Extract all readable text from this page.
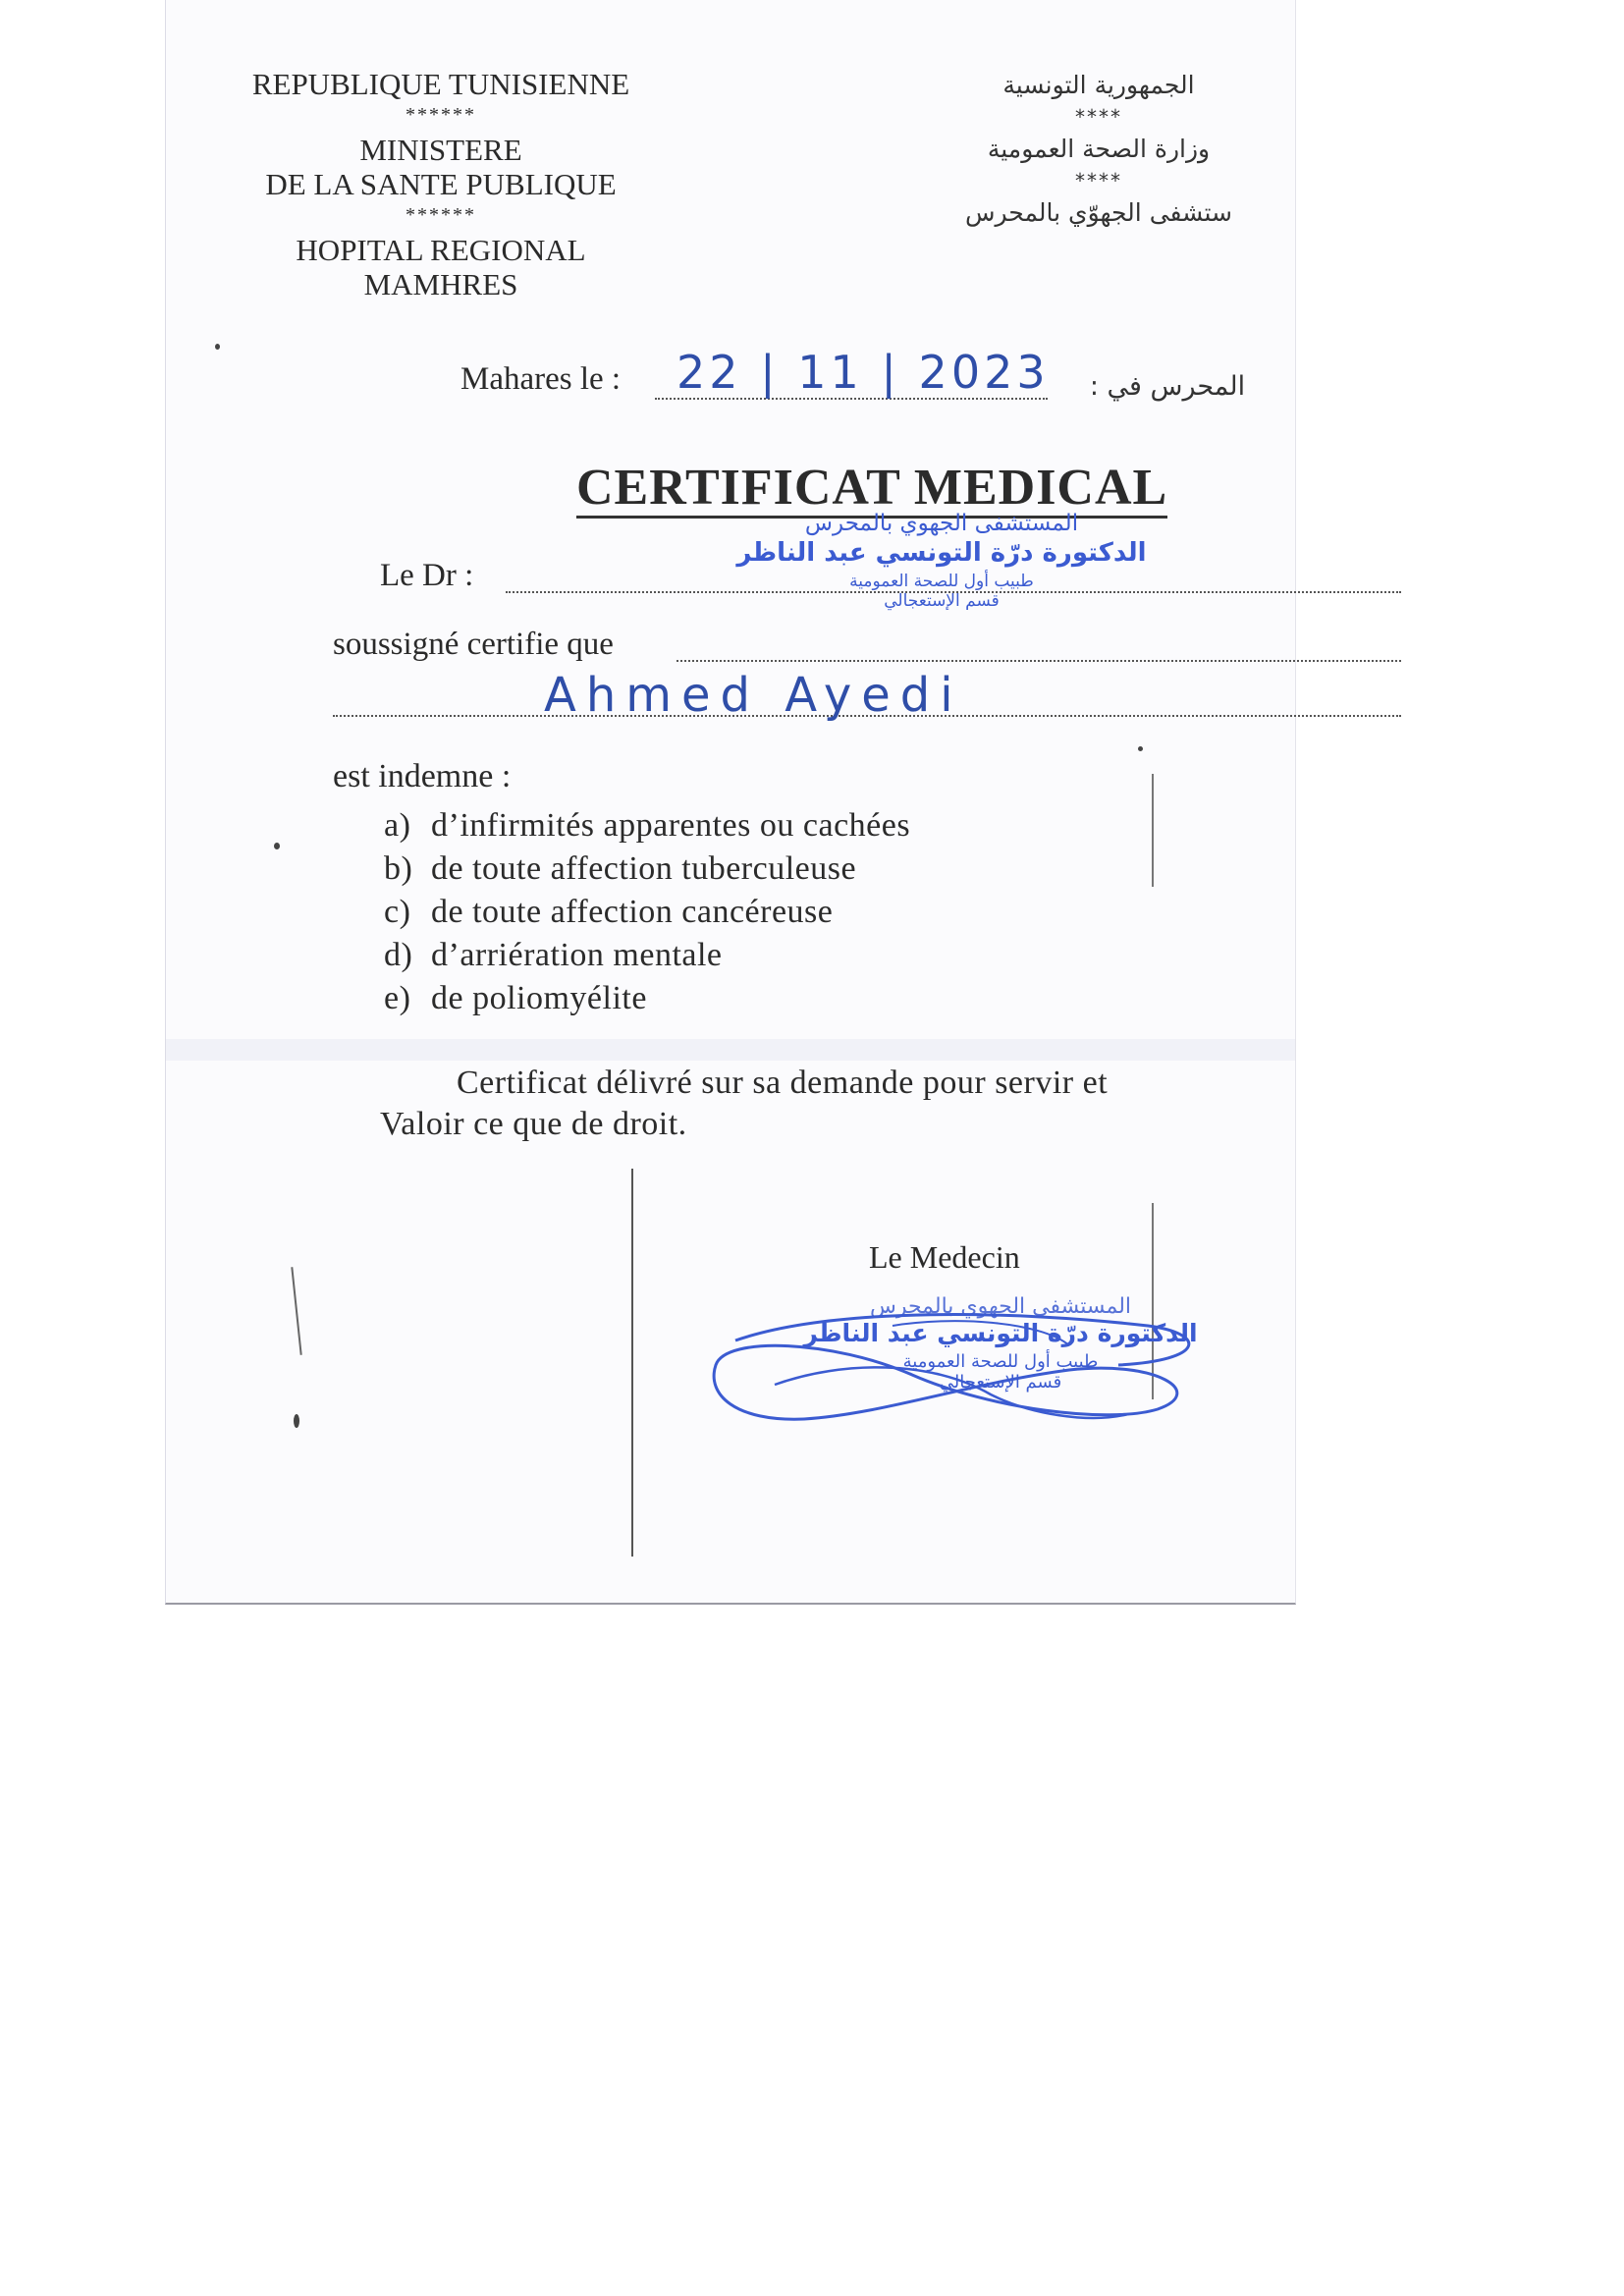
REPUBLIQUE TUNISIENNE
******
MINISTERE
DE LA SANTE PUBLIQUE
******
HOPITAL REGIONAL
MAMHRES
الجمهورية التونسية
****
وزارة الصحة العمومية
****
ستشفى الجهوّي بالمحرس
Mahares le : 22 | 11 | 2023	المحرس في :
CERTIFICAT MEDICAL
المستشفى الجهوي بالمحرس
الدكتورة درّة التونسي عبد الناظر
طبيب أول للصحة العمومية
قسم الإستعجالي
Le Dr :
soussigné certifie que
Ahmed Ayedi
est indemne :
a) d’infirmités apparentes ou cachées
b) de toute affection tuberculeuse
c) de toute affection cancéreuse
d) d’arriération mentale
e) de poliomyélite
Certificat délivré sur sa demande pour servir et
Valoir ce que de droit.
Le Medecin
المستشفى الجهوي بالمحرس
الدكتورة درّة التونسي عبد الناظر
طبيب أول للصحة العمومية
قسم الإستعجالي
